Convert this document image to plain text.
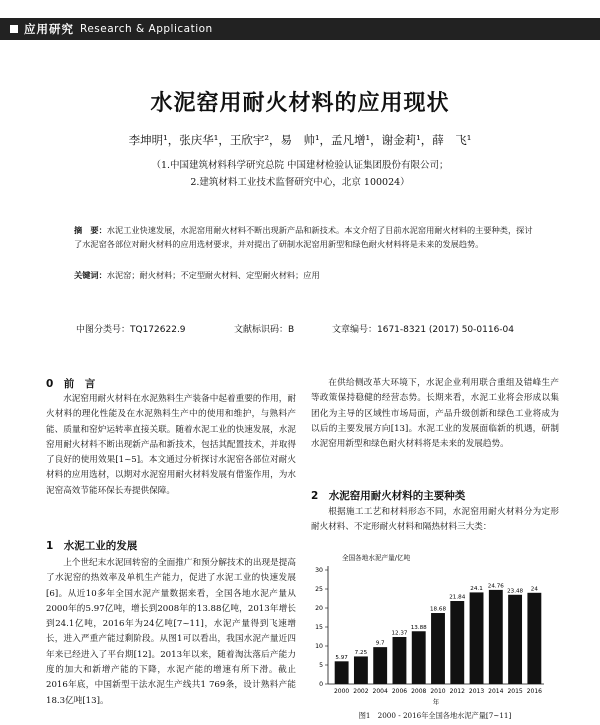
应用研究 Research & Application
水泥窑用耐火材料的应用现状
李坤明¹，张庆华¹，王欣宇²，易　帅¹，孟凡增¹，谢金莉¹，薛　飞¹
（1.中国建筑材料科学研究总院 中国建材检验认证集团股份有限公司；
2.建筑材料工业技术监督研究中心，北京 100024）
摘　要：水泥工业快速发展，水泥窑用耐火材料不断出现新产品和新技术。本文介绍了目前水泥窑用耐火材料的主要种类，探讨了水泥窑各部位对耐火材料的应用选材要求，并对提出了研制水泥窑用新型和绿色耐火材料将是未来的发展趋势。
关键词：水泥窑；耐火材料；不定型耐火材料、定型耐火材料；应用
中图分类号：TQ172622.9	文献标识码：B	文章编号：1671-8321 (2017) 50-0116-04
0　前　言

水泥窑用耐火材料在水泥熟料生产装备中起着重要的作用，耐火材料的理化性能及在水泥熟料生产中的使用和维护，与熟料产能、质量和窑炉运转率直接关联。随着水泥工业的快速发展，水泥窑用耐火材料不断出现新产品和新技术，包括其配置技术，并取得了良好的使用效果[1~5]。本文通过分析探讨水泥窑各部位对耐火材料的应用选材，以期对水泥窑用耐火材料发展有借鉴作用，为水泥窑高效节能环保长寿提供保障。

1　水泥工业的发展

上个世纪末水泥回转窑的全面推广和预分解技术的出现是提高了水泥窑的热效率及单机生产能力，促进了水泥工业的快速发展[6]。从近10多年全国水泥产量数据来看，全国各地水泥产量从2000年的5.97亿吨，增长到2008年的13.88亿吨，2013年增长到24.1亿吨，2016年为24亿吨[7~11]，水泥产量得到飞速增长，进入严重产能过剩阶段。从图1可以看出，我国水泥产量近四年来已经进入了平台期[12]。2013年以来，随着淘汰落后产能力度的加大和新增产能的下降，水泥产能的增速有所下滑。截止2016年底，中国新型干法水泥生产线共1 769条，设计熟料产能18.3亿吨[13]。

在供给侧改革大环境下，水泥企业利用联合重组及错峰生产等政策保持稳健的经营态势。长期来看，水泥工业将会形成以集团化为主导的区域性市场局面，产品升级创新和绿色工业将成为以后的主要发展方向[13]。水泥工业的发展面临新的机遇，研制水泥窑用新型和绿色耐火材料将是未来的发展趋势。

2　水泥窑用耐火材料的主要种类

根据施工工艺和材料形态不同，水泥窑用耐火材料分为定形耐火材料、不定形耐火材料和隔热材料三大类：

全国各地水泥产量/亿吨
0
5
10
15
20
25
30
5.97
2000
7.25
2002
9.7
2004
12.37
2006
13.88
2008
18.68
2010
21.84
2012
24.1
2013
24.76
2014
23.48
2015
24
2016
年
图1　2000 - 2016年全国各地水泥产量[7~11]
